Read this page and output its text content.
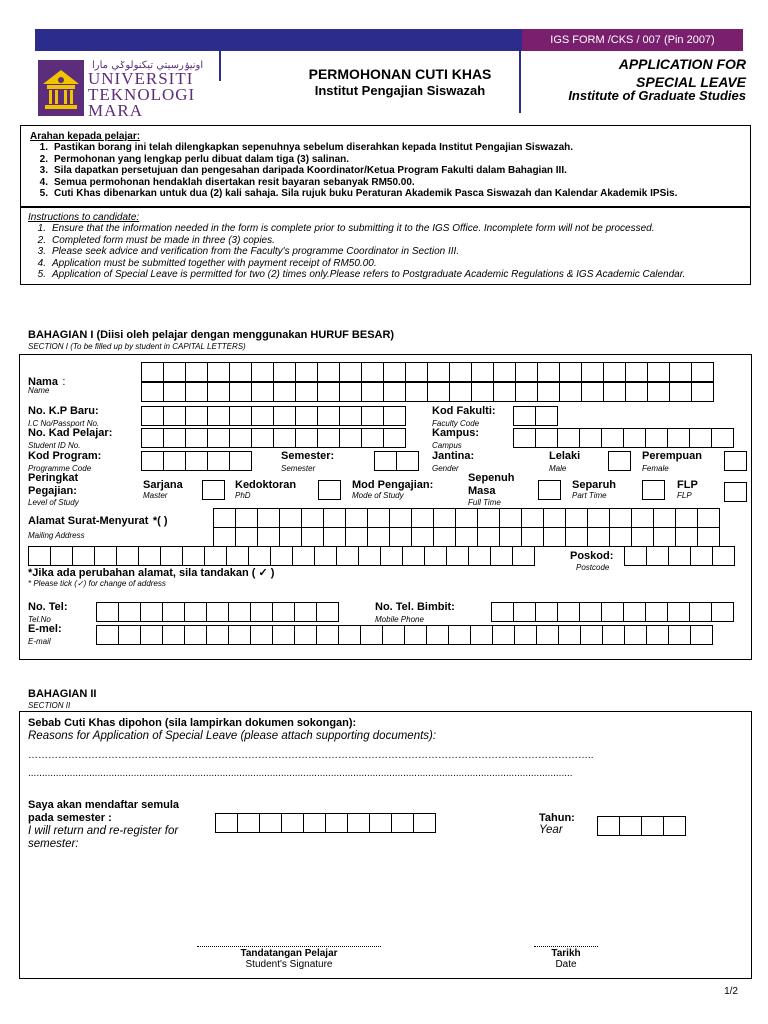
IGS FORM /CKS / 007 (Pin 2007)
اونيۏرسيتي تيكنولوݢي مارا
UNIVERSITI
TEKNOLOGI
MARA
PERMOHONAN CUTI KHAS
Institut Pengajian Siswazah
APPLICATION FOR
SPECIAL LEAVE
Institute of Graduate Studies
Arahan kepada pelajar:
1. Pastikan borang ini telah dilengkapkan sepenuhnya sebelum diserahkan kepada Institut Pengajian Siswazah.
2. Permohonan yang lengkap perlu dibuat dalam tiga (3) salinan.
3. Sila dapatkan persetujuan dan pengesahan daripada Koordinator/Ketua Program Fakulti dalam Bahagian III.
4. Semua permohonan hendaklah disertakan resit bayaran sebanyak RM50.00.
5. Cuti Khas dibenarkan untuk dua (2) kali sahaja. Sila rujuk buku Peraturan Akademik Pasca Siswazah dan Kalendar Akademik IPSis.
Instructions to candidate:
1. Ensure that the information needed in the form is complete prior to submitting it to the IGS Office. Incomplete form will not be processed.
2. Completed form must be made in three (3) copies.
3. Please seek advice and verification from the Faculty's programme Coordinator in Section III.
4. Application must be submitted together with payment receipt of RM50.00.
5. Application of Special Leave is permitted for two (2) times only.Please refers to Postgraduate Academic Regulations & IGS Academic Calendar.
BAHAGIAN I (Diisi oleh pelajar dengan menggunakan HURUF BESAR)
SECTION I (To be filled up by student in CAPITAL LETTERS)
Nama :
Name
No. K.P Baru:
I.C No/Passport No.
Kod Fakulti:
Faculty Code
No. Kad Pelajar:
Student ID No.
Kampus:
Campus
Kod Program:
Programme Code
Semester:
Semester
Jantina:
Gender
Lelaki
Male
Perempuan
Female
Peringkat
Pegajian:
Level of Study
Sarjana
Master
Kedoktoran
PhD
Mod Pengajian:
Mode of Study
Sepenuh
Masa
Full Time
Separuh
Part Time
FLP
FLP
Alamat Surat-Menyurat *( )
Mailing Address
Poskod:
Postcode
*Jika ada perubahan alamat, sila tandakan ( ✓ )
* Please tick (✓) for change of address
No. Tel:
Tel.No
No. Tel. Bimbit:
Mobile Phone
E-mel:
E-mail
BAHAGIAN II
SECTION II
Sebab Cuti Khas dipohon (sila lampirkan dokumen sokongan):
Reasons for Application of Special Leave (please attach supporting documents):
……………………………………………………………………………………………………………………………………………………..
....................................................................................................................................................................................................
Saya akan mendaftar semula
pada semester :
I will return and re-register for
semester:
Tahun:
Year
Tandatangan Pelajar
Student's Signature
Tarikh
Date
1/2
